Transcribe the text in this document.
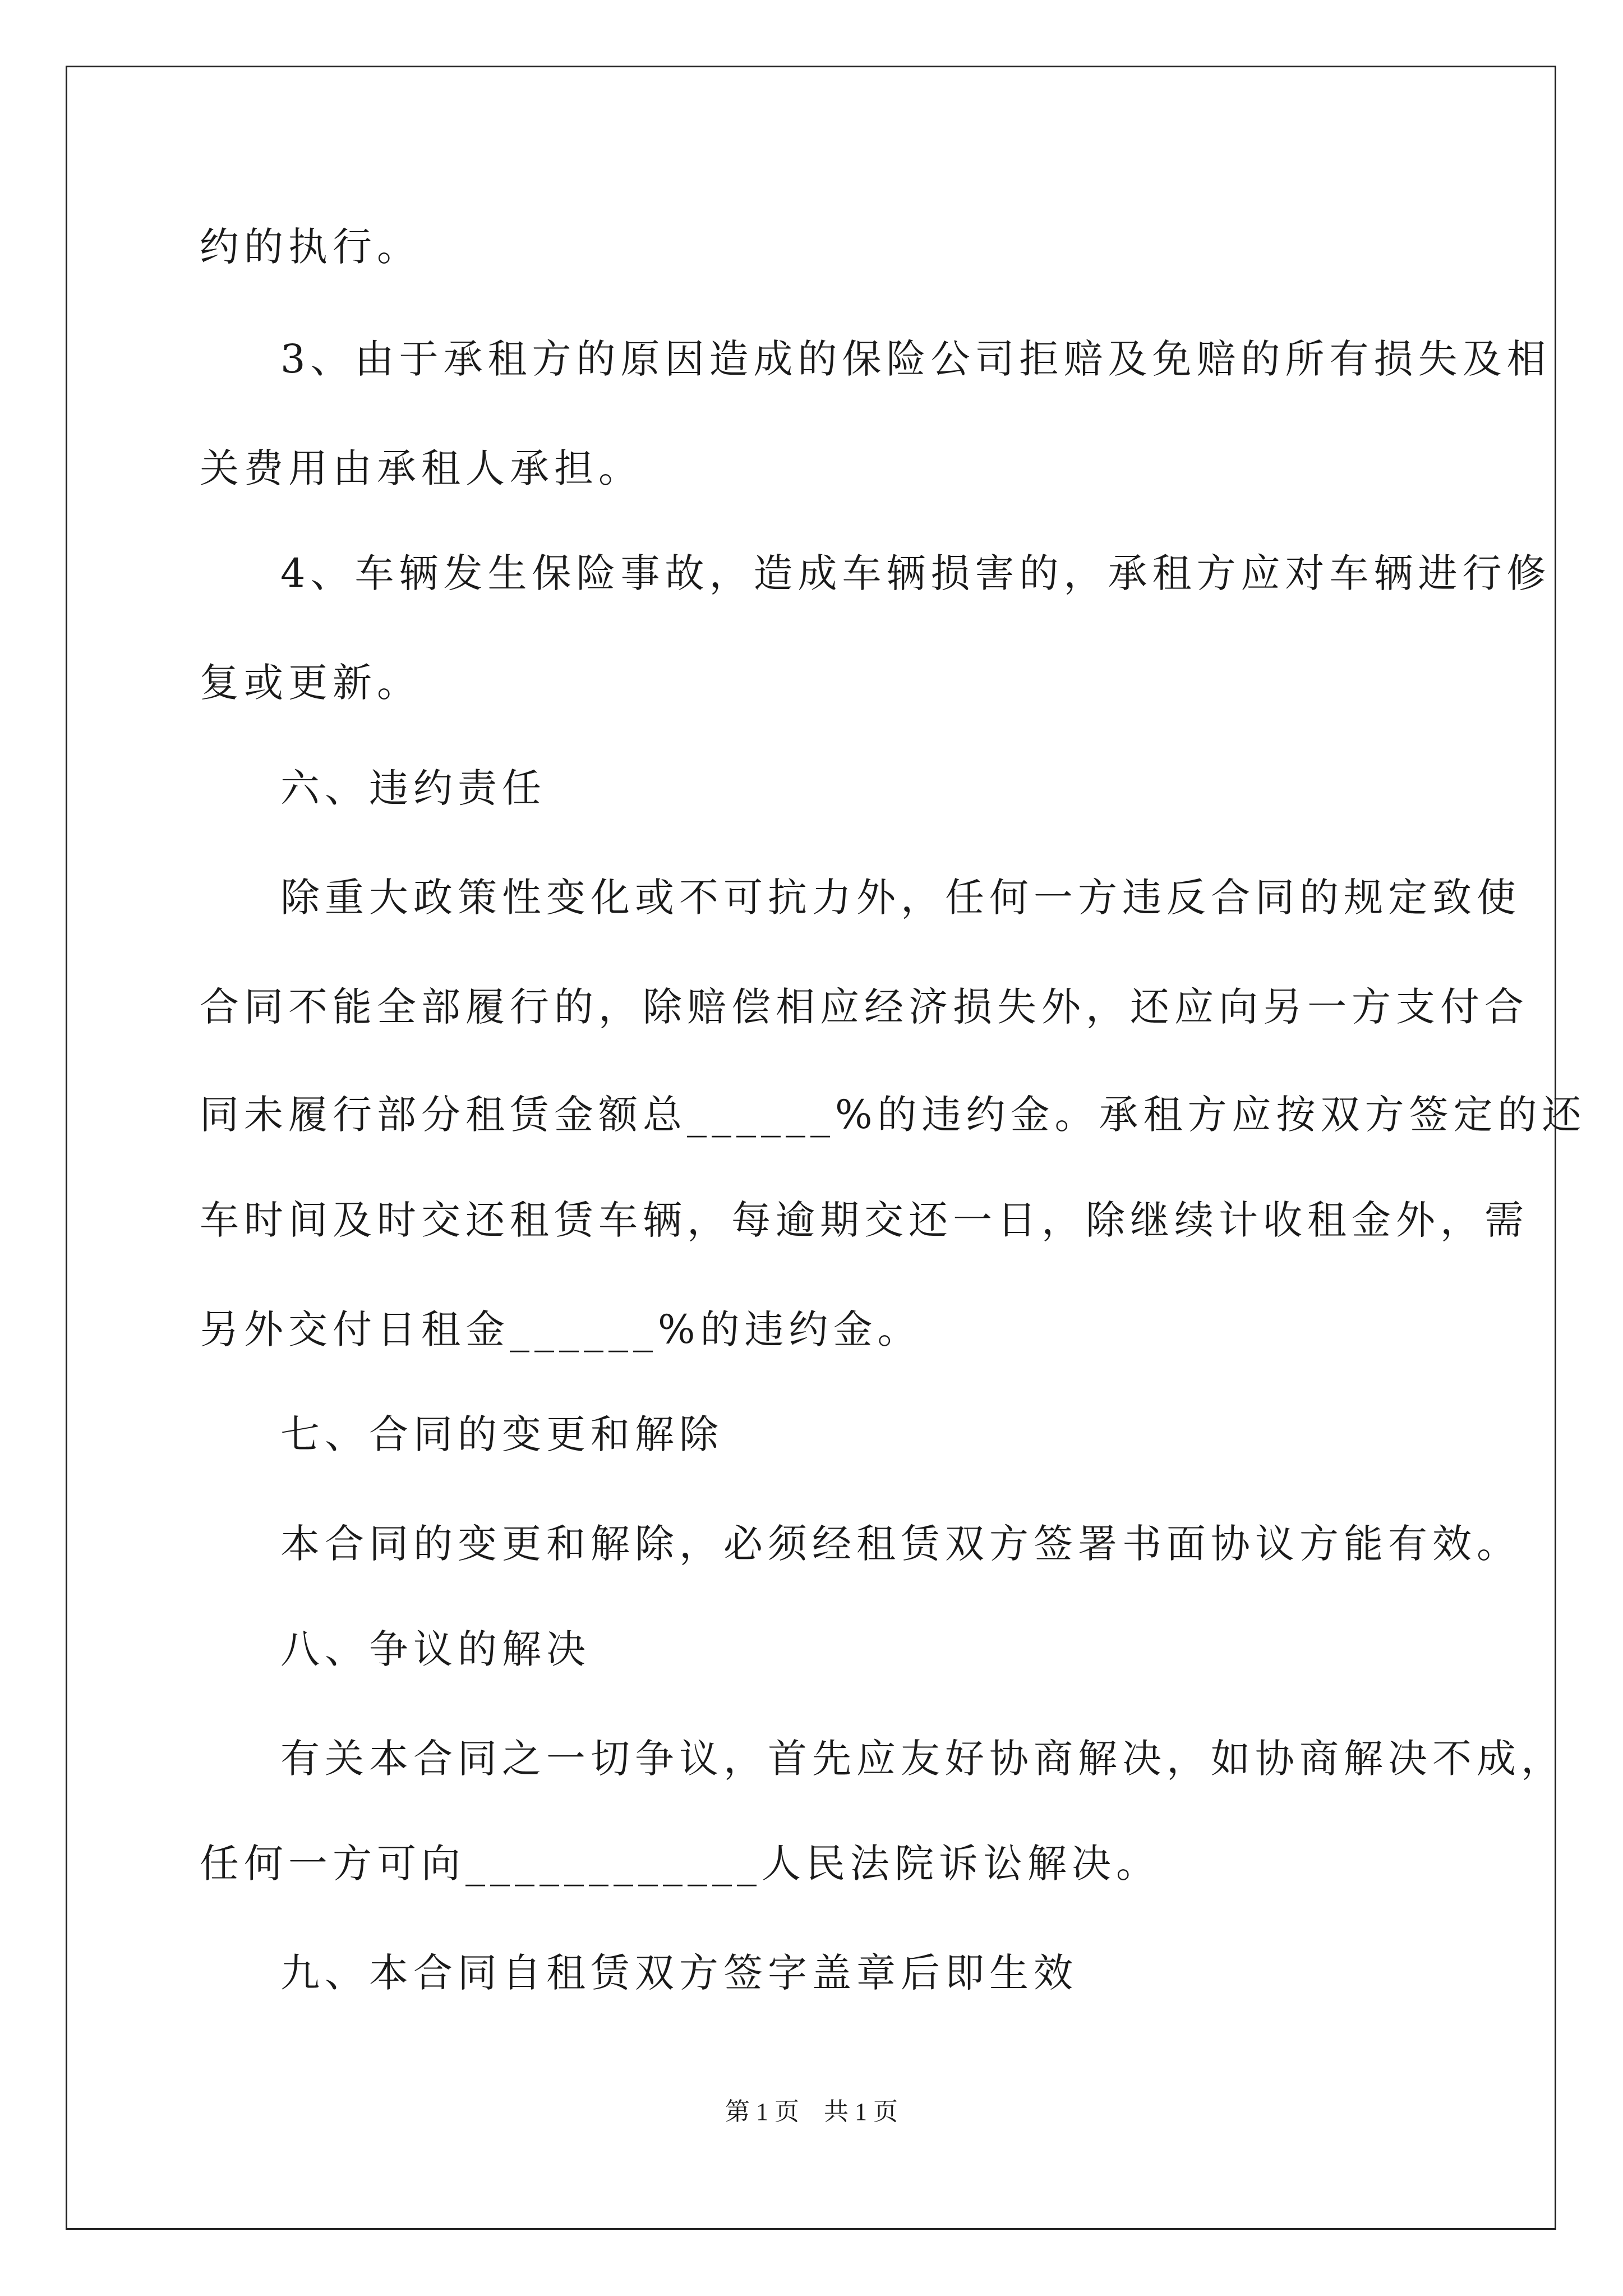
约的执行。
3、由于承租方的原因造成的保险公司拒赔及免赔的所有损失及相
关费用由承租人承担。
4、车辆发生保险事故，造成车辆损害的，承租方应对车辆进行修
复或更新。
六、违约责任
除重大政策性变化或不可抗力外，任何一方违反合同的规定致使
合同不能全部履行的，除赔偿相应经济损失外，还应向另一方支付合
同未履行部分租赁金额总______%的违约金。承租方应按双方签定的还
车时间及时交还租赁车辆，每逾期交还一日，除继续计收租金外，需
另外交付日租金______%的违约金。
七、合同的变更和解除
本合同的变更和解除，必须经租赁双方签署书面协议方能有效。
八、争议的解决
有关本合同之一切争议，首先应友好协商解决，如协商解决不成，
任何一方可向____________人民法院诉讼解决。
九、本合同自租赁双方签字盖章后即生效
第 1 页　共 1 页
